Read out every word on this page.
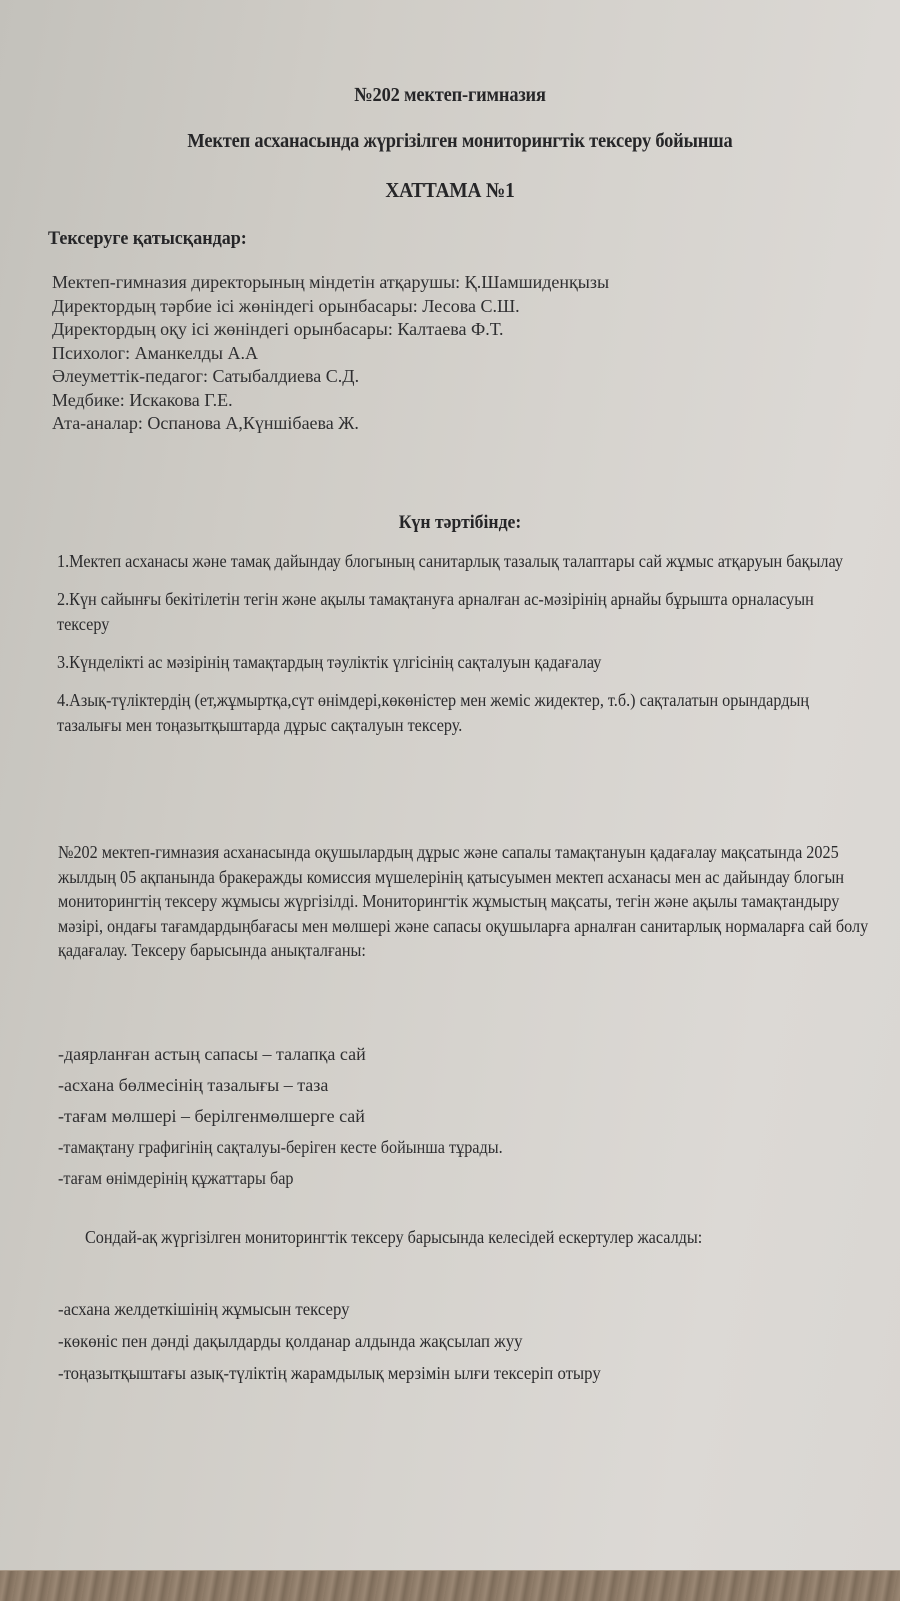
№202 мектеп-гимназия
Мектеп асханасында жүргізілген мониторингтік тексеру бойынша
ХАТТАМА №1
Тексеруге қатысқандар:
Мектеп-гимназия директорының міндетін атқарушы: Қ.Шамшиденқызы
Директордың тәрбие ісі жөніндегі орынбасары: Лесова С.Ш.
Директордың оқу ісі жөніндегі орынбасары: Калтаева Ф.Т.
Психолог: Аманкелды А.А
Әлеуметтік-педагог: Сатыбалдиева С.Д.
Медбике: Искакова Г.Е.
Ата-аналар: Оспанова А,Күншібаева Ж.
Күн тәртібінде:
1.Мектеп асханасы және тамақ дайындау блогының санитарлық тазалық талаптары сай жұмыс атқаруын бақылау
2.Күн сайынғы бекітілетін тегін және ақылы тамақтануға арналған ас-мәзірінің арнайы бұрышта орналасуын тексеру
3.Күнделікті ас мәзірінің тамақтардың тәуліктік үлгісінің сақталуын қадағалау
4.Азық-түліктердің (ет,жұмыртқа,сүт өнімдері,көкөністер мен жеміс жидектер, т.б.) сақталатын орындардың тазалығы мен тоңазытқыштарда дұрыс сақталуын тексеру.
№202 мектеп-гимназия асханасында оқушылардың дұрыс және сапалы тамақтануын қадағалау мақсатында 2025 жылдың 05 ақпанында бракеражды комиссия мүшелерінің қатысуымен мектеп асханасы мен ас дайындау блогын мониторингтің тексеру жұмысы жүргізілді. Мониторингтік жұмыстың мақсаты, тегін және ақылы тамақтандыру мәзірі, ондағы тағамдардыңбағасы мен мөлшері және сапасы оқушыларға арналған санитарлық нормаларға сай болу қадағалау. Тексеру барысында анықталғаны:
-даярланған астың сапасы – талапқа сай
-асхана бөлмесінің тазалығы – таза
-тағам мөлшері – берілгенмөлшерге сай
-тамақтану графигінің сақталуы-беріген кесте бойынша тұрады.
-тағам өнімдерінің құжаттары бар
Сондай-ақ жүргізілген мониторингтік тексеру барысында келесідей ескертулер жасалды:
-асхана желдеткішінің жұмысын тексеру
-көкөніс пен дәнді дақылдарды қолданар алдында жақсылап жуу
-тоңазытқыштағы азық-түліктің жарамдылық мерзімін ылғи тексеріп отыру
